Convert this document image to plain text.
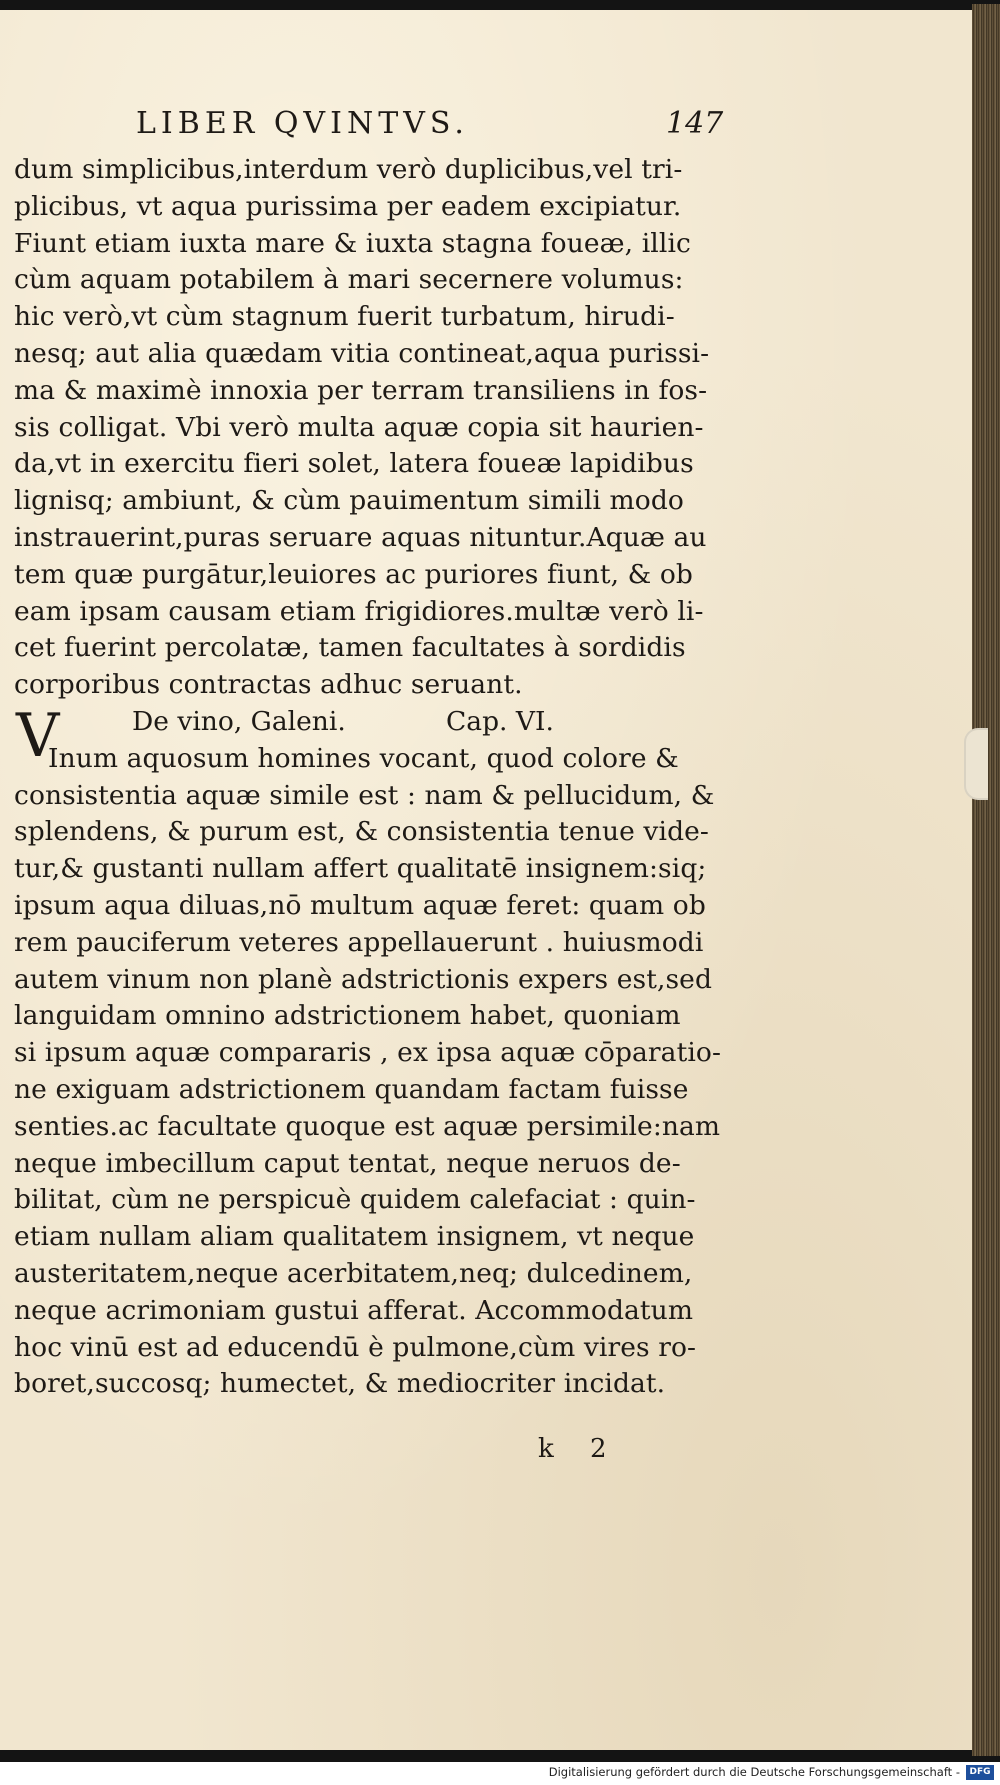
LIBER QVINTVS.	147
dum simplicibus,interdum verò duplicibus,vel tri-
plicibus, vt aqua purissima per eadem excipiatur.
Fiunt etiam iuxta mare & iuxta stagna foueæ, illic
cùm aquam potabilem à mari secernere volumus:
hic verò,vt cùm stagnum fuerit turbatum, hirudi-
nesq; aut alia quædam vitia contineat,aqua purissi-
ma & maximè innoxia per terram transiliens in fos-
sis colligat. Vbi verò multa aquæ copia sit haurien-
da,vt in exercitu fieri solet, latera foueæ lapidibus
lignisq; ambiunt, & cùm pauimentum simili modo
instrauerint,puras seruare aquas nituntur.Aquæ au
tem quæ purgātur,leuiores ac puriores fiunt, & ob
eam ipsam causam etiam frigidiores.multæ verò li-
cet fuerint percolatæ, tamen facultates à sordidis
corporibus contractas adhuc seruant.
V	De vino, Galeni.	Cap. VI.
Inum aquosum homines vocant, quod colore &
consistentia aquæ simile est : nam & pellucidum, &
splendens, & purum est, & consistentia tenue vide-
tur,& gustanti nullam affert qualitatē insignem:siq;
ipsum aqua diluas,nō multum aquæ feret: quam ob
rem pauciferum veteres appellauerunt . huiusmodi
autem vinum non planè adstrictionis expers est,sed
languidam omnino adstrictionem habet, quoniam
si ipsum aquæ compararis , ex ipsa aquæ cōparatio-
ne exiguam adstrictionem quandam factam fuisse
senties.ac facultate quoque est aquæ persimile:nam
neque imbecillum caput tentat, neque neruos de-
bilitat, cùm ne perspicuè quidem calefaciat : quin-
etiam nullam aliam qualitatem insignem, vt neque
austeritatem,neque acerbitatem,neq; dulcedinem,
neque acrimoniam gustui afferat. Accommodatum
hoc vinū est ad educendū è pulmone,cùm vires ro-
boret,succosq; humectet, & mediocriter incidat.
k 2
Digitalisierung gefördert durch die Deutsche Forschungsgemeinschaft -	DFG
